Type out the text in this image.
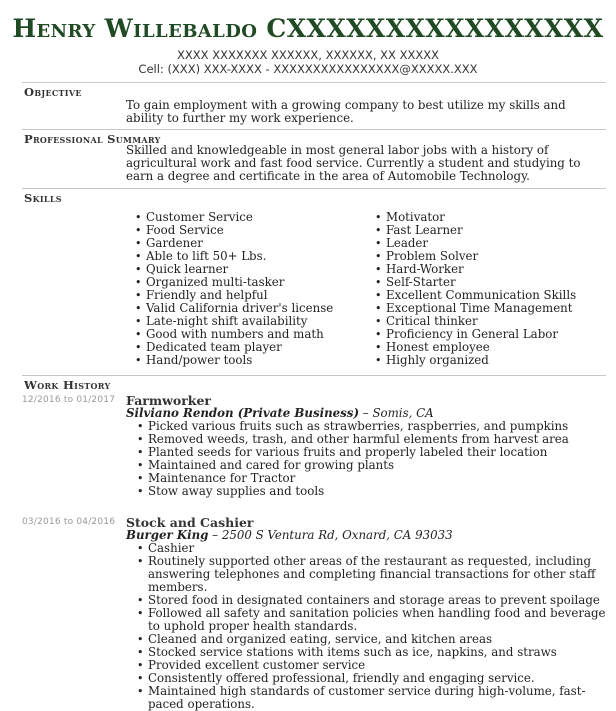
Henry Willebaldo CXXXXXXXXXXXXXXXX
XXXX XXXXXXX XXXXXX, XXXXXX, XX XXXXX
Cell: (XXX) XXX-XXXX - XXXXXXXXXXXXXXXX@XXXXX.XXX
Objective
To gain employment with a growing company to best utilize my skills and ability to further my work experience.
Professional Summary
Skilled and knowledgeable in most general labor jobs with a history of agricultural work and fast food service. Currently a student and studying to earn a degree and certificate in the area of Automobile Technology.
Skills
• Customer Service
• Food Service
• Gardener
• Able to lift 50+ Lbs.
• Quick learner
• Organized multi-tasker
• Friendly and helpful
• Valid California driver's license
• Late-night shift availability
• Good with numbers and math
• Dedicated team player
• Hand/power tools
• Motivator
• Fast Learner
• Leader
• Problem Solver
• Hard-Worker
• Self-Starter
• Excellent Communication Skills
• Exceptional Time Management
• Critical thinker
• Proficiency in General Labor
• Honest employee
• Highly organized
Work History
12/2016 to 01/2017 Farmworker
Silviano Rendon (Private Business) – Somis, CA
• Picked various fruits such as strawberries, raspberries, and pumpkins
• Removed weeds, trash, and other harmful elements from harvest area
• Planted seeds for various fruits and properly labeled their location
• Maintained and cared for growing plants
• Maintenance for Tractor
• Stow away supplies and tools
03/2016 to 04/2016 Stock and Cashier
Burger King – 2500 S Ventura Rd, Oxnard, CA 93033
• Cashier
• Routinely supported other areas of the restaurant as requested, including answering telephones and completing financial transactions for other staff members.
• Stored food in designated containers and storage areas to prevent spoilage
• Followed all safety and sanitation policies when handling food and beverage to uphold proper health standards.
• Cleaned and organized eating, service, and kitchen areas
• Stocked service stations with items such as ice, napkins, and straws
• Provided excellent customer service
• Consistently offered professional, friendly and engaging service.
• Maintained high standards of customer service during high-volume, fast-paced operations.
